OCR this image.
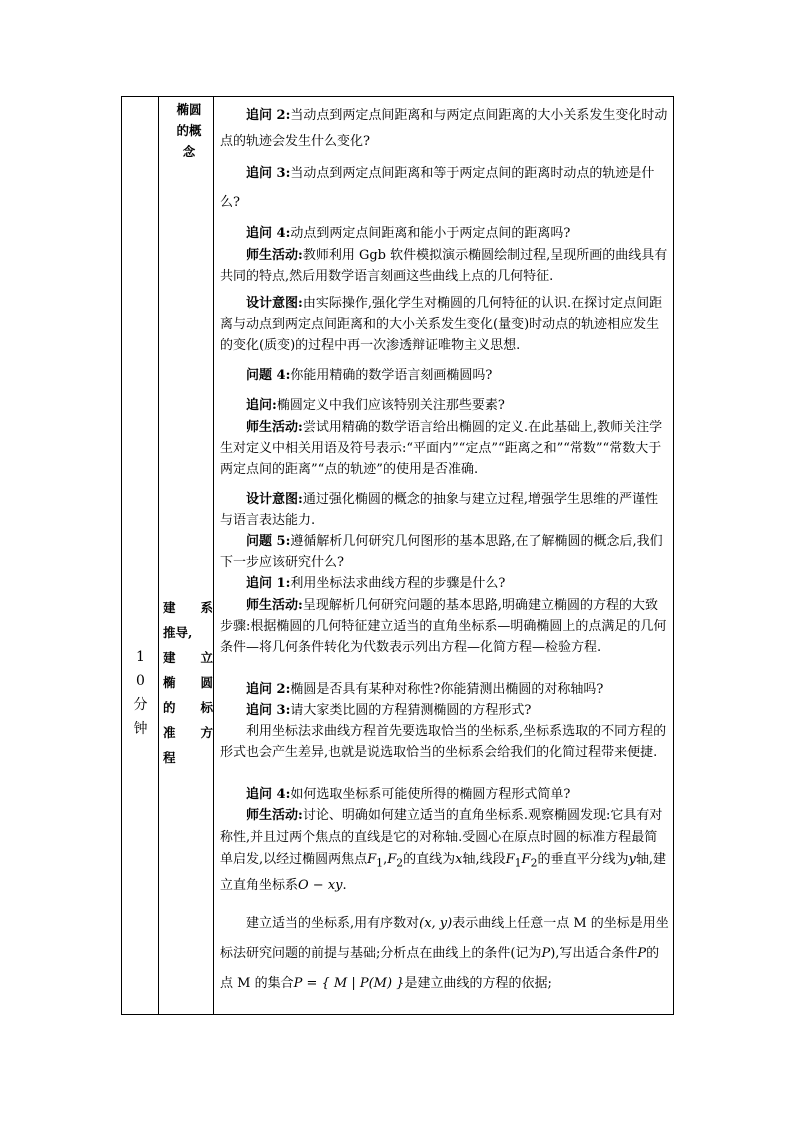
1
0
分
钟
椭圆
的概
念
建 系
推导,
建 立
椭 圆
的 标
准 方
程
追问 2:当动点到两定点间距离和与两定点间距离的大小关系发生变化时动点的轨迹会发生什么变化?
追问 3:当动点到两定点间距离和等于两定点间的距离时动点的轨迹是什么?
追问 4:动点到两定点间距离和能小于两定点间的距离吗?
师生活动:教师利用 Ggb 软件模拟演示椭圆绘制过程,呈现所画的曲线具有共同的特点,然后用数学语言刻画这些曲线上点的几何特征.
设计意图:由实际操作,强化学生对椭圆的几何特征的认识.在探讨定点间距离与动点到两定点间距离和的大小关系发生变化(量变)时动点的轨迹相应发生的变化(质变)的过程中再一次渗透辩证唯物主义思想.
问题 4:你能用精确的数学语言刻画椭圆吗?
追问:椭圆定义中我们应该特别关注那些要素?
师生活动:尝试用精确的数学语言给出椭圆的定义.在此基础上,教师关注学生对定义中相关用语及符号表示:“平面内”“定点”“距离之和”“常数”“常数大于两定点间的距离”“点的轨迹”的使用是否准确.
设计意图:通过强化椭圆的概念的抽象与建立过程,增强学生思维的严谨性与语言表达能力.
问题 5:遵循解析几何研究几何图形的基本思路,在了解椭圆的概念后,我们下一步应该研究什么?
追问 1:利用坐标法求曲线方程的步骤是什么?
师生活动:呈现解析几何研究问题的基本思路,明确建立椭圆的方程的大致步骤:根据椭圆的几何特征建立适当的直角坐标系—明确椭圆上的点满足的几何条件—将几何条件转化为代数表示列出方程—化简方程—检验方程.
追问 2:椭圆是否具有某种对称性?你能猜测出椭圆的对称轴吗?
追问 3:请大家类比圆的方程猜测椭圆的方程形式?
利用坐标法求曲线方程首先要选取恰当的坐标系,坐标系选取的不同方程的形式也会产生差异,也就是说选取恰当的坐标系会给我们的化简过程带来便捷.
追问 4:如何选取坐标系可能使所得的椭圆方程形式简单?
师生活动:讨论、明确如何建立适当的直角坐标系.观察椭圆发现:它具有对称性,并且过两个焦点的直线是它的对称轴.受圆心在原点时圆的标准方程最简单启发,以经过椭圆两焦点$F_1,F_2$的直线为x轴,线段$F_1F_2$的垂直平分线为y轴,建立直角坐标系O − xy.
建立适当的坐标系,用有序数对(x, y)表示曲线上任意一点 M 的坐标是用坐标法研究问题的前提与基础;分析点在曲线上的条件(记为P),写出适合条件P的点 M 的集合P = { M | P(M) }是建立曲线的方程的依据;
